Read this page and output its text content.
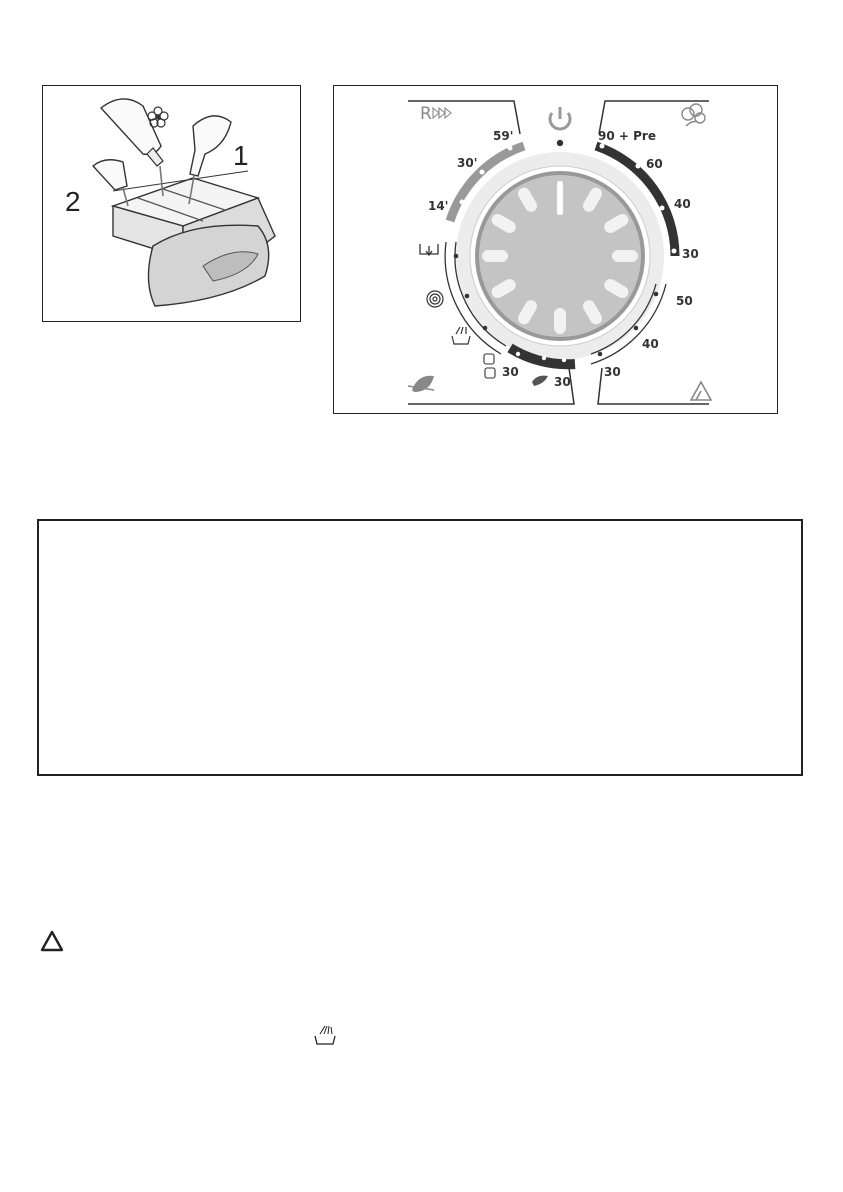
1
2
R
59'
30'
14'
90 + Pre
60
40
30
50
40
30
30
30
